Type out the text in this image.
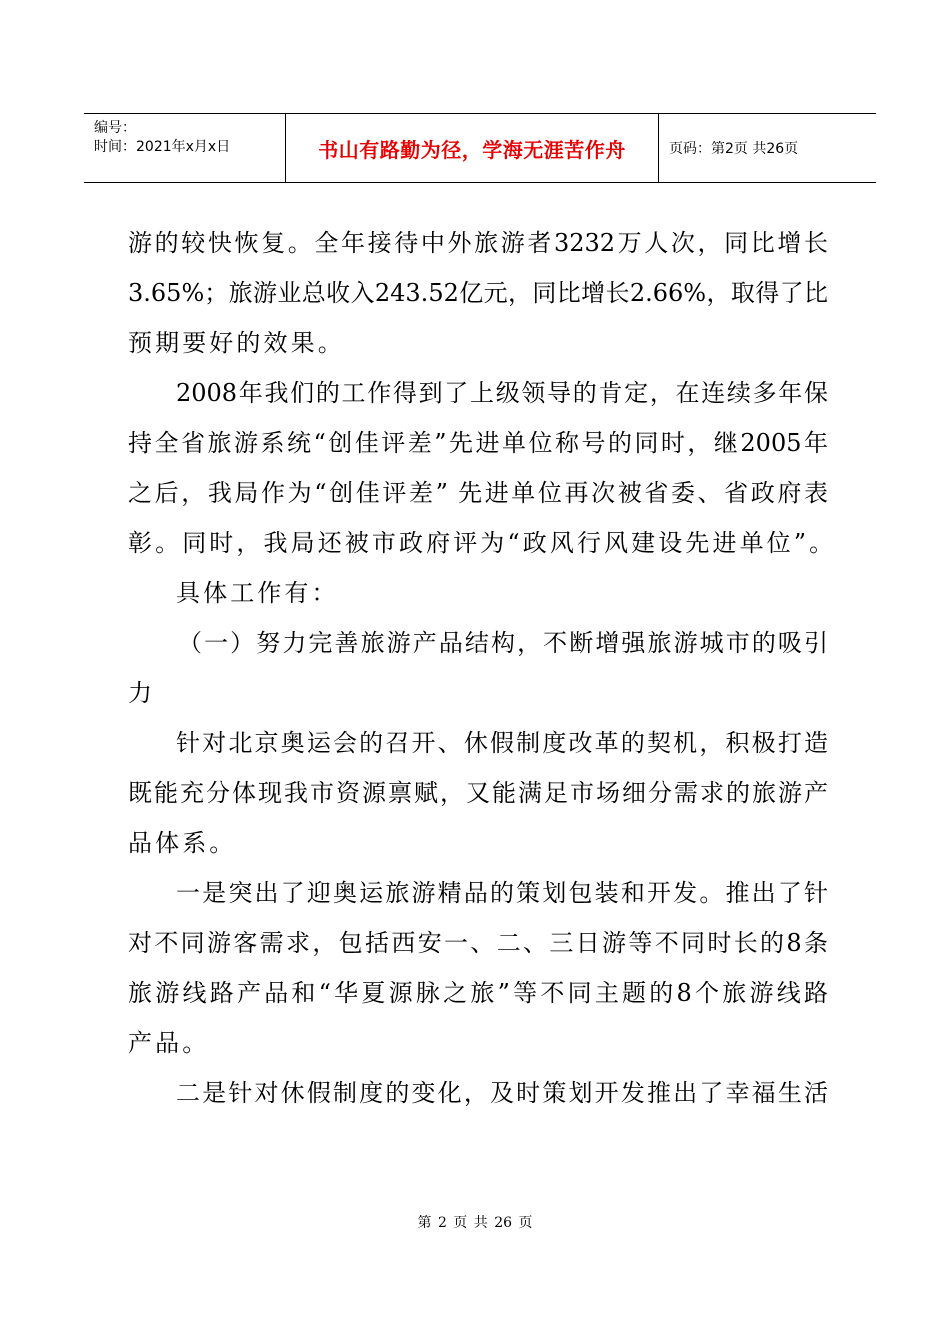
编号：
时间：2021年x月x日	书山有路勤为径，学海无涯苦作舟	页码：第2页 共26页
游的较快恢复。全年接待中外旅游者3232万人次，同比增长
3.65%；旅游业总收入243.52亿元，同比增长2.66%，取得了比
预期要好的效果。
2008年我们的工作得到了上级领导的肯定，在连续多年保
持全省旅游系统“创佳评差”先进单位称号的同时，继2005年
之后，我局作为“创佳评差” 先进单位再次被省委、省政府表
彰。同时，我局还被市政府评为“政风行风建设先进单位”。
具体工作有：
（一）努力完善旅游产品结构，不断增强旅游城市的吸引
力
针对北京奥运会的召开、休假制度改革的契机，积极打造
既能充分体现我市资源禀赋，又能满足市场细分需求的旅游产
品体系。
一是突出了迎奥运旅游精品的策划包装和开发。推出了针
对不同游客需求，包括西安一、二、三日游等不同时长的8条
旅游线路产品和“华夏源脉之旅”等不同主题的8个旅游线路
产品。
二是针对休假制度的变化，及时策划开发推出了幸福生活
第 2 页 共 26 页
